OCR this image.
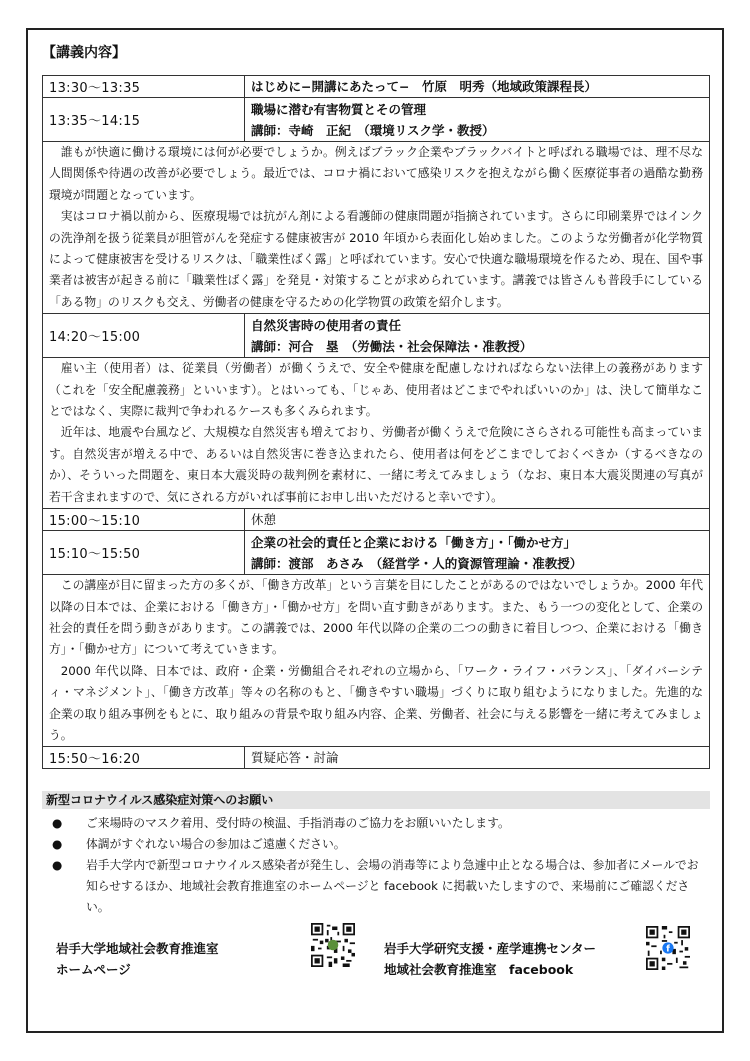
【講義内容】
13:30〜13:35	はじめに−開講にあたって−　竹原　明秀（地域政策課程長）

13:35〜14:15	職場に潜む有害物質とその管理
講師：寺崎　正紀　（環境リスク学・教授）

誰もが快適に働ける環境には何が必要でしょうか。例えばブラック企業やブラックバイトと呼ばれる職場では、理不尽な人間関係や待遇の改善が必要でしょう。最近では、コロナ禍において感染リスクを抱えながら働く医療従事者の過酷な勤務環境が問題となっています。

実はコロナ禍以前から、医療現場では抗がん剤による看護師の健康問題が指摘されています。さらに印刷業界ではインクの洗浄剤を扱う従業員が胆管がんを発症する健康被害が 2010 年頃から表面化し始めました。このような労働者が化学物質によって健康被害を受けるリスクは、「職業性ばく露」と呼ばれています。安心で快適な職場環境を作るため、現在、国や事業者は被害が起きる前に「職業性ばく露」を発見・対策することが求められています。講義では皆さんも普段手にしている「ある物」のリスクも交え、労働者の健康を守るための化学物質の政策を紹介します。	

14:20〜15:00	自然災害時の使用者の責任
講師：河合　塁　（労働法・社会保障法・准教授）

雇い主（使用者）は、従業員（労働者）が働くうえで、安全や健康を配慮しなければならない法律上の義務があります（これを「安全配慮義務」といいます）。とはいっても、「じゃあ、使用者はどこまでやればいいのか」は、決して簡単なことではなく、実際に裁判で争われるケースも多くみられます。

近年は、地震や台風など、大規模な自然災害も増えており、労働者が働くうえで危険にさらされる可能性も高まっています。自然災害が増える中で、あるいは自然災害に巻き込まれたら、使用者は何をどこまでしておくべきか（するべきなのか）、そういった問題を、東日本大震災時の裁判例を素材に、一緒に考えてみましょう（なお、東日本大震災関連の写真が若干含まれますので、気にされる方がいれば事前にお申し出いただけると幸いです）。	

15:00〜15:10	休憩
15:10〜15:50	企業の社会的責任と企業における「働き方」・「働かせ方」
講師：渡部　あさみ　（経営学・人的資源管理論・准教授）

この講座が目に留まった方の多くが、「働き方改革」という言葉を目にしたことがあるのではないでしょうか。2000 年代以降の日本では、企業における「働き方」・「働かせ方」を問い直す動きがあります。また、もう一つの変化として、企業の社会的責任を問う動きがあります。この講義では、2000 年代以降の企業の二つの動きに着目しつつ、企業における「働き方」・「働かせ方」について考えていきます。

2000 年代以降、日本では、政府・企業・労働組合それぞれの立場から、「ワーク・ライフ・バランス」、「ダイバーシティ・マネジメント」、「働き方改革」等々の名称のもと、「働きやすい職場」づくりに取り組むようになりました。先進的な企業の取り組み事例をもとに、取り組みの背景や取り組み内容、企業、労働者、社会に与える影響を一緒に考えてみましょう。	

15:50〜16:20	質疑応答・討論
新型コロナウイルス感染症対策へのお願い
● ご来場時のマスク着用、受付時の検温、手指消毒のご協力をお願いいたします。
● 体調がすぐれない場合の参加はご遠慮ください。
● 岩手大学内で新型コロナウイルス感染者が発生し、会場の消毒等により急遽中止となる場合は、参加者にメールでお知らせするほか、地域社会教育推進室のホームページと facebook に掲載いたしますので、来場前にご確認ください。
岩手大学地域社会教育推進室
ホームページ
岩手大学研究支援・産学連携センター
地域社会教育推進室　facebook
f
